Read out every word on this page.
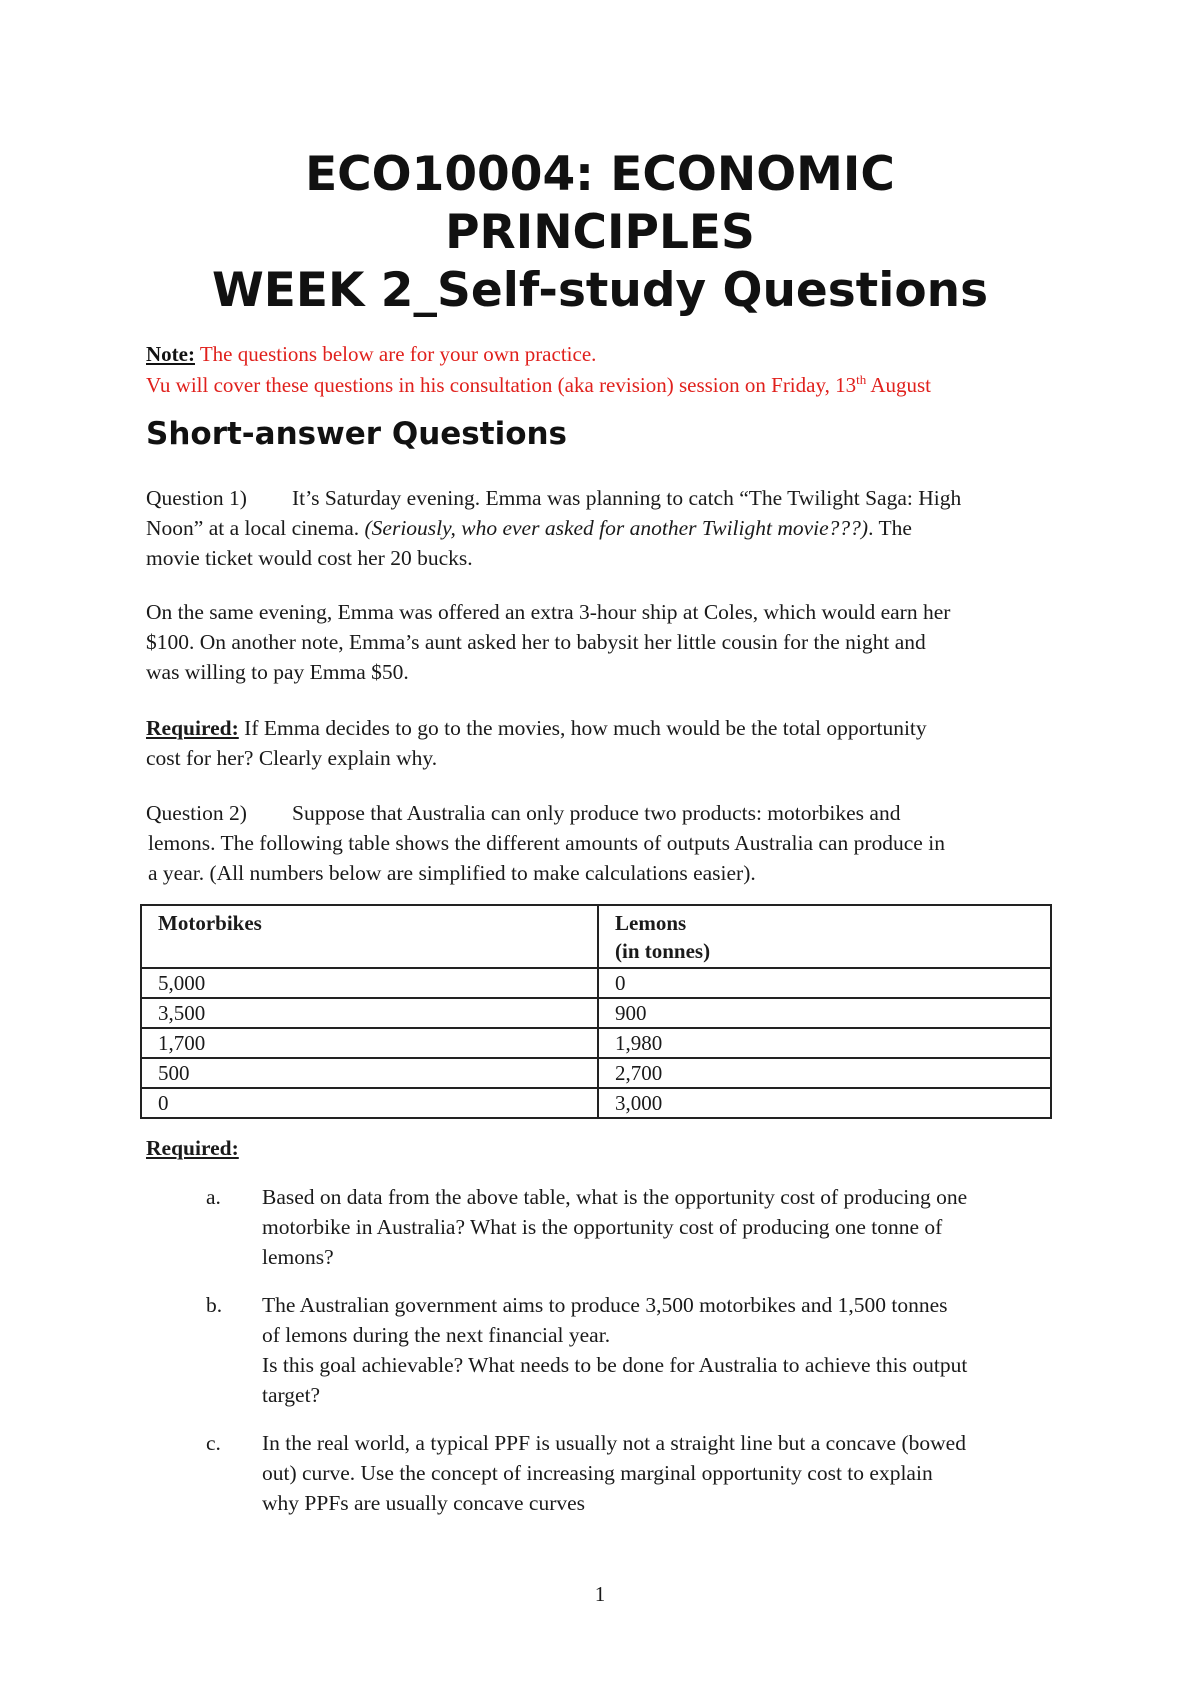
ECO10004: ECONOMIC
PRINCIPLES
WEEK 2_Self-study Questions
Note: The questions below are for your own practice.
Vu will cover these questions in his consultation (aka revision) session on Friday, 13th August
Short-answer Questions
Question 1) It’s Saturday evening. Emma was planning to catch “The Twilight Saga: High
Noon” at a local cinema. (Seriously, who ever asked for another Twilight movie???). The
movie ticket would cost her 20 bucks.
On the same evening, Emma was offered an extra 3-hour ship at Coles, which would earn her
$100. On another note, Emma’s aunt asked her to babysit her little cousin for the night and
was willing to pay Emma $50.
Required: If Emma decides to go to the movies, how much would be the total opportunity
cost for her? Clearly explain why.
Question 2) Suppose that Australia can only produce two products: motorbikes and
lemons. The following table shows the different amounts of outputs Australia can produce in
a year. (All numbers below are simplified to make calculations easier).
Motorbikes	Lemons
(in tonnes)

5,000	0
3,500	900
1,700	1,980
500	2,700
0	3,000
Required:
a. Based on data from the above table, what is the opportunity cost of producing one
motorbike in Australia? What is the opportunity cost of producing one tonne of
lemons?
b. The Australian government aims to produce 3,500 motorbikes and 1,500 tonnes
of lemons during the next financial year.
Is this goal achievable? What needs to be done for Australia to achieve this output
target?
c. In the real world, a typical PPF is usually not a straight line but a concave (bowed
out) curve. Use the concept of increasing marginal opportunity cost to explain
why PPFs are usually concave curves
1
